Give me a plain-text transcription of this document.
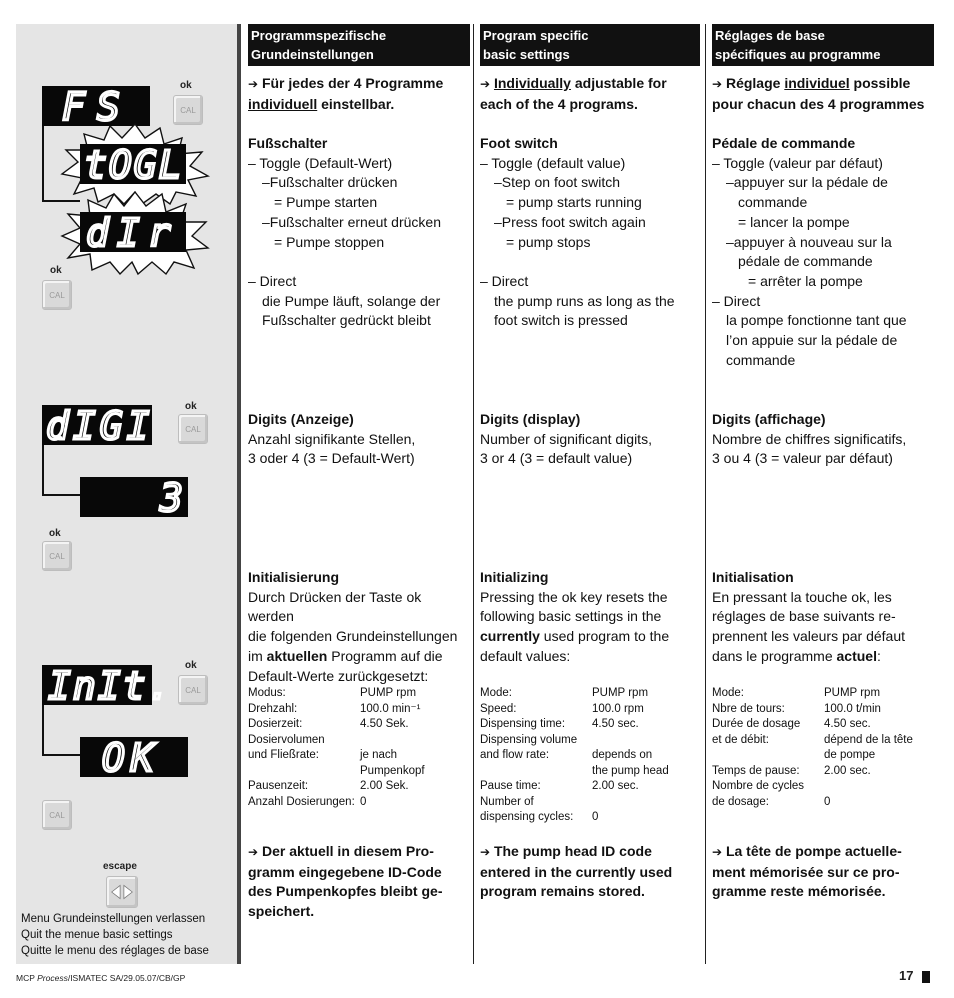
FS	ok
CAL
tOGL
dIr
ok
CAL
dIGI	ok
CAL
3
ok
CAL
InIt. ok
CAL
OK
CAL
escape
Menu Grundeinstellungen verlassen
Quit the menue basic settings
Quitte le menu des réglages de base
Programmspezifische
Grundeinstellungen
➔ Für jedes der 4 Programme
individuell einstellbar.
Fußschalter
– Toggle (Default-Wert)
–Fußschalter drücken
= Pumpe starten
–Fußschalter erneut drücken
= Pumpe stoppen
– Direct
die Pumpe läuft, solange der
Fußschalter gedrückt bleibt
Digits (Anzeige)
Anzahl signifikante Stellen,
3 oder 4 (3 = Default-Wert)
Initialisierung
Durch Drücken der Taste ok werden
die folgenden Grundeinstellungen
im aktuellen Programm auf die
Default-Werte zurückgesetzt:
Modus:	PUMP rpm
Drehzahl:	100.0 min⁻¹
Dosierzeit:	4.50 Sek.
Dosiervolumen
und Fließrate:	je nach
Pumpenkopf
Pausenzeit:	2.00 Sek.
Anzahl Dosierungen: 0
➔ Der aktuell in diesem Pro-
gramm eingegebene ID-Code
des Pumpenkopfes bleibt ge-
speichert.
Program specific
basic settings
➔ Individually adjustable for
each of the 4 programs.
Foot switch
– Toggle (default value)
–Step on foot switch
= pump starts running
–Press foot switch again
= pump stops
– Direct
the pump runs as long as the
foot switch is pressed
Digits (display)
Number of significant digits,
3 or 4 (3 = default value)
Initializing
Pressing the ok key resets the
following basic settings in the
currently used program to the
default values:
Mode:	PUMP rpm
Speed:	100.0 rpm
Dispensing time:	4.50 sec.
Dispensing volume
and flow rate:	depends on
the pump head
Pause time:	2.00 sec.
Number of
dispensing cycles:	0
➔ The pump head ID code
entered in the currently used
program remains stored.
Réglages de base
spécifiques au programme
➔ Réglage individuel possible
pour chacun des 4 programmes
Pédale de commande
– Toggle (valeur par défaut)
–appuyer sur la pédale de
commande
= lancer la pompe
–appuyer à nouveau sur la
pédale de commande
= arrêter la pompe
– Direct
la pompe fonctionne tant que
l’on appuie sur la pédale de
commande
Digits (affichage)
Nombre de chiffres significatifs,
3 ou 4 (3 = valeur par défaut)
Initialisation
En pressant la touche ok, les
réglages de base suivants re-
prennent les valeurs par défaut
dans le programme actuel:
Mode:	PUMP rpm
Nbre de tours:	100.0 t/min
Durée de dosage	4.50 sec.
et de débit:	dépend de la tête
de pompe
Temps de pause:	2.00 sec.
Nombre de cycles
de dosage:	0
➔ La tête de pompe actuelle-
ment mémorisée sur ce pro-
gramme reste mémorisée.
MCP Process/ISMATEC SA/29.05.07/CB/GP	17
